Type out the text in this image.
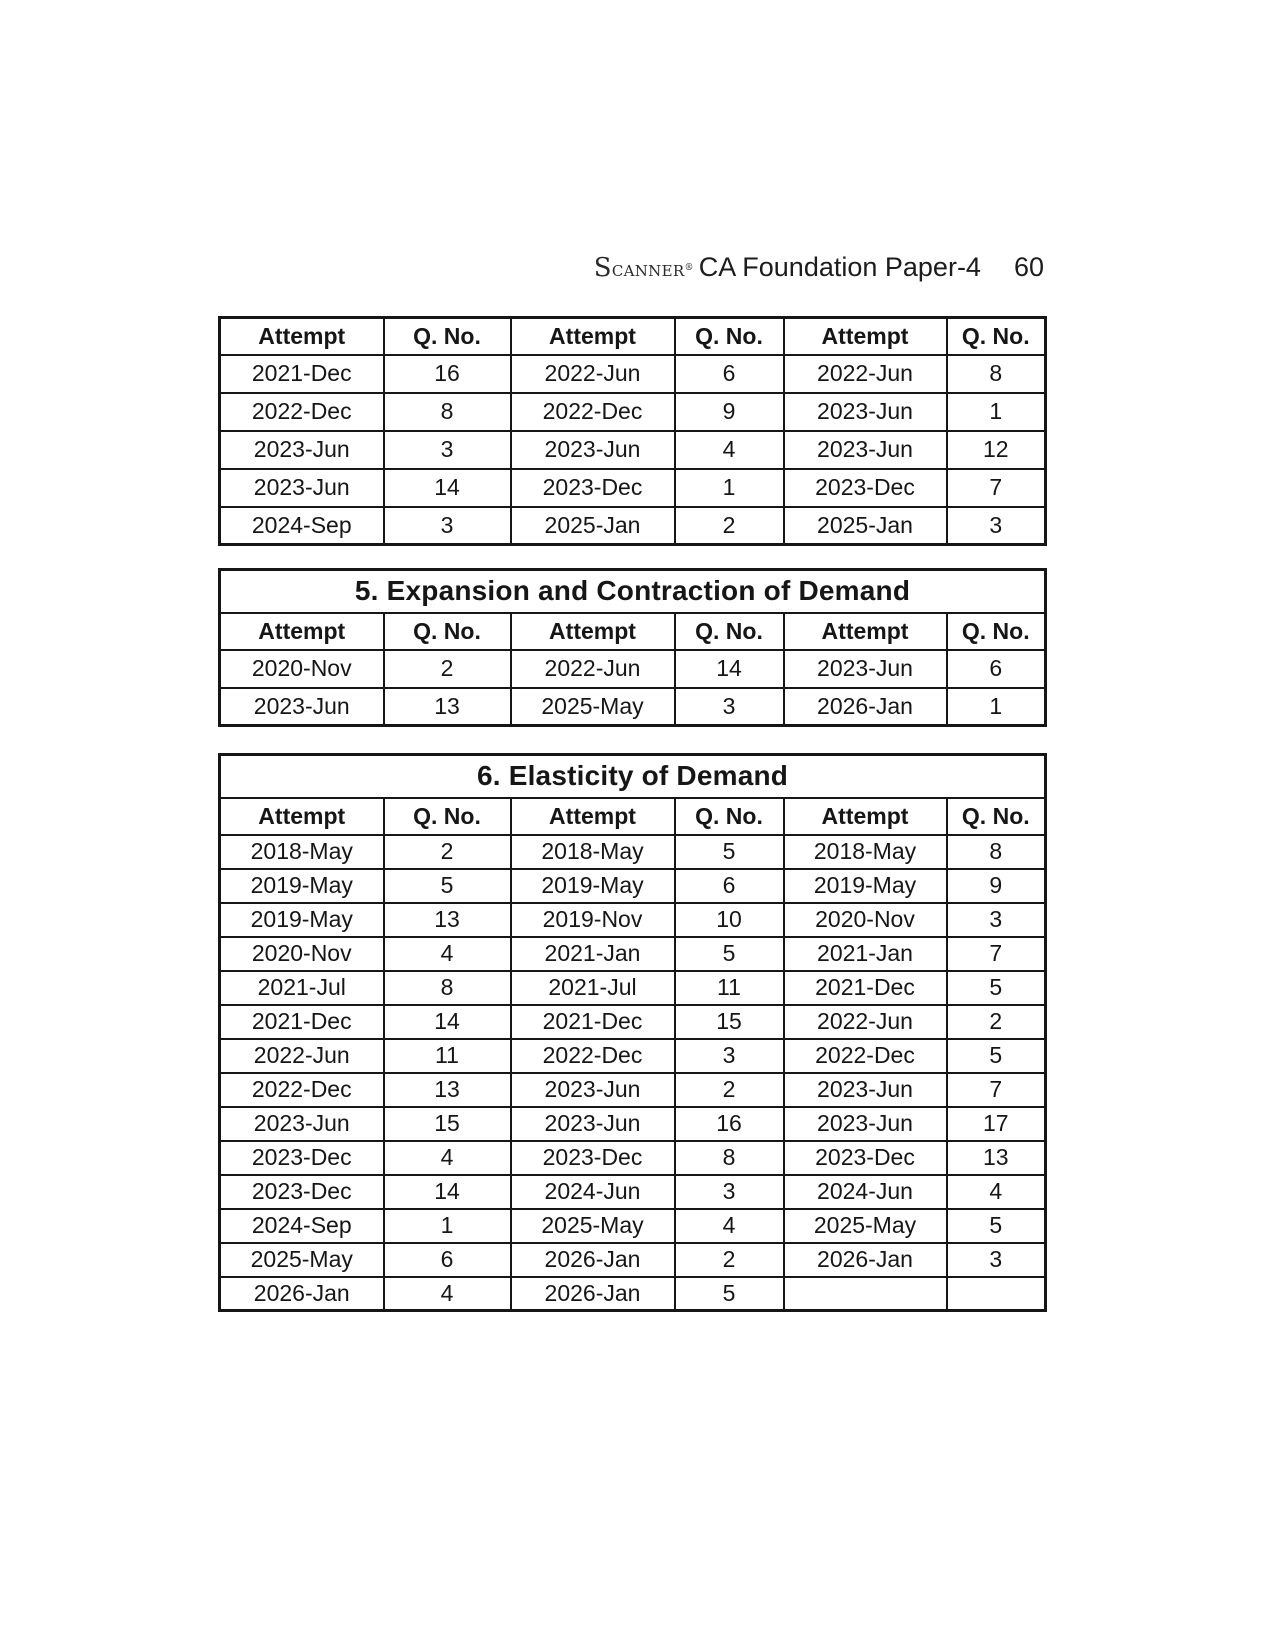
SCANNER® CA Foundation Paper-4 60
Attempt	Q. No.	Attempt	Q. No.	Attempt	Q. No.
2021-Dec	16	2022-Jun	6	2022-Jun	8
2022-Dec	8	2022-Dec	9	2023-Jun	1
2023-Jun	3	2023-Jun	4	2023-Jun	12
2023-Jun	14	2023-Dec	1	2023-Dec	7
2024-Sep	3	2025-Jan	2	2025-Jan	3
5. Expansion and Contraction of Demand					
Attempt	Q. No.	Attempt	Q. No.	Attempt	Q. No.
2020-Nov	2	2022-Jun	14	2023-Jun	6
2023-Jun	13	2025-May	3	2026-Jan	1
6. Elasticity of Demand					
Attempt	Q. No.	Attempt	Q. No.	Attempt	Q. No.
2018-May	2	2018-May	5	2018-May	8
2019-May	5	2019-May	6	2019-May	9
2019-May	13	2019-Nov	10	2020-Nov	3
2020-Nov	4	2021-Jan	5	2021-Jan	7
2021-Jul	8	2021-Jul	11	2021-Dec	5
2021-Dec	14	2021-Dec	15	2022-Jun	2
2022-Jun	11	2022-Dec	3	2022-Dec	5
2022-Dec	13	2023-Jun	2	2023-Jun	7
2023-Jun	15	2023-Jun	16	2023-Jun	17
2023-Dec	4	2023-Dec	8	2023-Dec	13
2023-Dec	14	2024-Jun	3	2024-Jun	4
2024-Sep	1	2025-May	4	2025-May	5
2025-May	6	2026-Jan	2	2026-Jan	3
2026-Jan	4	2026-Jan	5		
